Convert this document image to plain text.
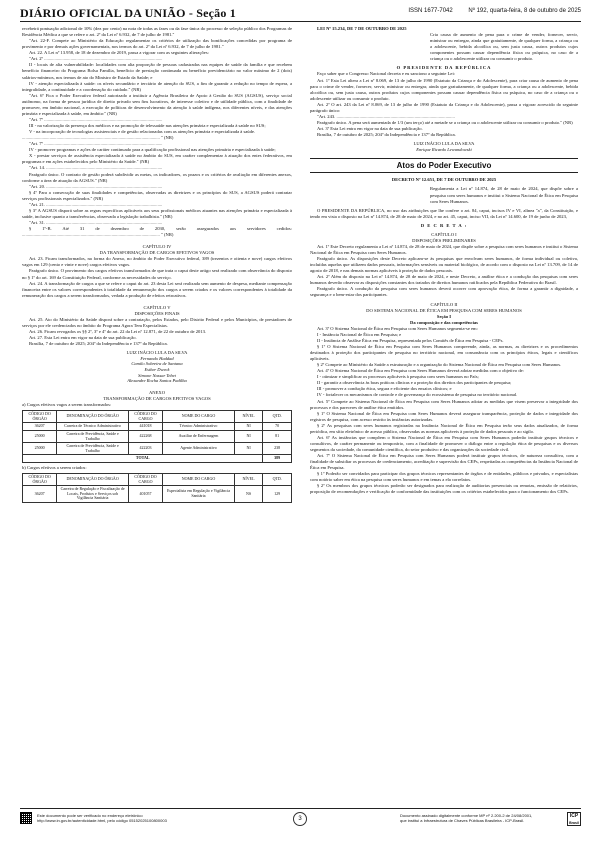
DIÁRIO OFICIAL DA UNIÃO - Seção 1	ISSN 1677-7042	Nº 192, quarta-feira, 8 de outubro de 2025

recebeirá pontuação adicional de 10% (dez por cento) na nota de todas as fases ou da fase única do processo de seleção público dos Programas de Residência Médica a que se refere o art. 2º da Lei nº 6.932, de 7 de julho de 1981."

"Art. 22-F. Compete ao Ministério da Educação regulamentar os critérios de utilização das bonificações concedidas por programa de provimento e por demais ações governamentais, nos termos do art. 2º da Lei nº 6.932, de 7 de julho de 1981."

Art. 22. A Lei nº 13.958, de 18 de dezembro de 2019, passa a vigorar com as seguintes alterações:

"Art. 2º .......................................................................................................

II - locais de alta vulnerabilidade: localidades com alta proporção de pessoas cadastradas nas equipes de saúde da família e que recebem benefício financeiro do Programa Bolsa Família, benefício de prestação continuada ou benefício previdenciário no valor máximo de 2 (dois) salários-mínimos, nos termos de ato do Ministro de Estado da Saúde; e

IV - atenção especializada à saúde: os níveis secundário e terciário de atenção do SUS, a fim de garantir a redução no tempo de espera, a integralidade, a continuidade e a coordenação do cuidado." (NR)

"Art. 6º Fica o Poder Executivo federal autorizado a instituir a Agência Brasileira de Apoio à Gestão do SUS (AGSUS), serviço social autônomo, na forma de pessoa jurídica de direito privado sem fins lucrativos, de interesse coletivo e de utilidade pública, com a finalidade de promover, em âmbito nacional, a execução de políticas de desenvolvimento da atenção à saúde indígena, nos diferentes níveis, e das atenções primária e especializada à saúde, em âmbito:" (NR)

"Art. 7º .......................................................................................................

III - na valorização da presença dos médicos e na promoção de telessaúde nas atenções primária e especializada à saúde no SUS;

V - na incorporação de tecnologias assistenciais e de gestão relacionadas com as atenções primária e especializada à saúde.

........................................................................................................................ " (NR)

"Art. 7º .......................................................................................................

IV - promover programas e ações de caráter continuado para a qualificação profissional nas atenções primária e especializada à saúde;

X - prestar serviços de assistência especializada à saúde no âmbito do SUS, em caráter complementar à atuação dos entes federativos, em programas e em ações estabelecidos pelo Ministério da Saúde." (NR)

"Art. 14. .....................................................................................................

Parágrafo único. O contrato de gestão poderá subdividir as metas, os indicadores, os prazos e os critérios de avaliação em diferentes anexos, conforme a área de atuação da AGSUS." (NR)

"Art. 20. .....................................................................................................

§ 4º Para a consecução de suas finalidades e competências, observadas as diretrizes e os princípios do SUS, a AGSUS poderá contratar serviços profissionais especializados." (NR)

"Art. 21. .....................................................................................................

§ 3º A AGSUS disporá sobre as regras específicas aplicáveis aos seus profissionais médicos atuantes nas atenções primária e especializada à saúde, inclusive quanto a transferências, observada a legislação trabalhista." (NR)

"Art. 31. .....................................................................................................

§ 1º-B. Até 31 de dezembro de 2030, serão assegurados aos servidores cedidos: ........................................................................................................................ " (NR)

CAPÍTULO IV

DA TRANSFORMAÇÃO DE CARGOS EFETIVOS VAGOS

Art. 23. Ficam transformados, na forma do Anexo, no âmbito do Poder Executivo federal, 389 (trezentos e oitenta e nove) cargos efetivos vagos em 129 (cento e vinte e nove) cargos efetivos vagos.

Parágrafo único. O provimento dos cargos efetivos transformados de que trata o caput deste artigo será realizado com observância do disposto no § 1º do art. 169 da Constituição Federal, conforme as necessidades do serviço.

Art. 24. A transformação de cargos a que se refere o caput do art. 23 desta Lei será realizada sem aumento de despesa, mediante compensação financeira entre os valores correspondentes à totalidade da remuneração dos cargos a serem criados e os valores correspondentes à totalidade da remuneração dos cargos a serem transformados, vedada a produção de efeitos retroativos.

CAPÍTULO V

DISPOSIÇÕES FINAIS

Art. 25. Ato do Ministério da Saúde disporá sobre a contratação, pelos Estados, pelo Distrito Federal e pelos Municípios, de prestadores de serviços por ele credenciados no âmbito do Programa Agora Tem Especialistas.

Art. 26. Ficam revogados os §§ 2º, 3º e 4º do art. 22 da Lei nº 12.871, de 22 de outubro de 2013.

Art. 27. Esta Lei entra em vigor na data de sua publicação.

Brasília, 7 de outubro de 2025; 204º da Independência e 137º da República.

LUIZ INÁCIO LULA DA SILVA

Fernando Haddad

Camilo Sobreira de Santana

Esther Dweck

Simone Nassar Tebet

Alexandre Rocha Santos Padilha

ANEXO

TRANSFORMAÇÃO DE CARGOS EFETIVOS VAGOS

a) Cargos efetivos vagos a serem transformados:

CÓDIGO DO ÓRGÃO	DENOMINAÇÃO DO ÓRGÃO	CÓDIGO DO CARGO	NOME DO CARGO	NÍVEL	QTD.
36207	Carreira de Técnico Administrativo	441018	Técnico Administrativo	NI	70
25000	Carreira de Previdência, Saúde e Trabalho	422268	Auxiliar de Enfermagem	NI	81
25000	Carreira de Previdência, Saúde e Trabalho	422203	Agente Administrativo	NI	238
TOTAL					389

b) Cargos efetivos a serem criados:

CÓDIGO DO ÓRGÃO	DENOMINAÇÃO DO ÓRGÃO	CÓDIGO DO CARGO	NOME DO CARGO	NÍVEL	QTD.
36207	Carreira de Regulação e Fiscalização de Locais, Produtos e Serviços sob Vigilância Sanitária	401057	Especialista em Regulação e Vigilância Sanitária	NS	129

LEI Nº 15.234, DE 7 DE OUTUBRO DE 2025

Cria causa de aumento de pena para o crime de vender, fornecer, servir, ministrar ou entregar, ainda que gratuitamente, de qualquer forma, a criança ou a adolescente, bebida alcoólica ou, sem justa causa, outros produtos cujos componentes possam causar dependência física ou psíquica, no caso de a criança ou o adolescente utilizar ou consumir o produto.

O PRESIDENTE DA REPÚBLICA

Faço saber que o Congresso Nacional decreta e eu sanciono a seguinte Lei:

Art. 1º Esta Lei altera a Lei nº 8.069, de 13 de julho de 1990 (Estatuto da Criança e do Adolescente), para criar causa de aumento de pena para o crime de vender, fornecer, servir, ministrar ou entregar, ainda que gratuitamente, de qualquer forma, a criança ou a adolescente, bebida alcoólica ou, sem justa causa, outros produtos cujos componentes possam causar dependência física ou psíquica, no caso de a criança ou o adolescente utilizar ou consumir o produto.

Art. 2º O art. 243 da Lei nº 8.069, de 13 de julho de 1990 (Estatuto da Criança e do Adolescente), passa a vigorar acrescido do seguinte parágrafo único:

"Art. 243. .......................................................................................................

Parágrafo único. A pena será aumentada de 1/3 (um terço) até a metade se a criança ou o adolescente utilizar ou consumir o produto." (NR)

Art. 3º Esta Lei entra em vigor na data de sua publicação.

Brasília, 7 de outubro de 2025; 204º da Independência e 137º da República.

LUIZ INÁCIO LULA DA SILVA

Enrique Ricardo Lewandowski

Atos do Poder Executivo

DECRETO Nº 12.651, DE 7 DE OUTUBRO DE 2025

Regulamenta a Lei nº 14.874, de 28 de maio de 2024, que dispõe sobre a pesquisa com seres humanos e institui o Sistema Nacional de Ética em Pesquisa com Seres Humanos.

O PRESIDENTE DA REPÚBLICA, no uso das atribuições que lhe confere o art. 84, caput, incisos IV e VI, alínea "a", da Constituição, e tendo em vista o disposto na Lei nº 14.874, de 28 de maio de 2024, e no art. 45, caput, inciso VII, da Lei nº 14.600, de 19 de junho de 2023,

D E C R E T A :

CAPÍTULO I

DISPOSIÇÕES PRELIMINARES

Art. 1º Este Decreto regulamenta a Lei nº 14.874, de 28 de maio de 2024, que dispõe sobre a pesquisa com seres humanos e institui o Sistema Nacional de Ética em Pesquisa com Seres Humanos.

Parágrafo único. As disposições deste Decreto aplicam-se às pesquisas que envolvam seres humanos, de forma individual ou coletiva, incluídas aquelas que utilizem dados pessoais, informações sensíveis ou material biológico, de acordo com o disposto na Lei nº 13.709, de 14 de agosto de 2018, e nas demais normas aplicáveis à proteção de dados pessoais.

Art. 2º Além do disposto na Lei nº 14.874, de 28 de maio de 2024, e neste Decreto, a análise ética e a condução das pesquisas com seres humanos deverão observar as disposições constantes dos tratados de direitos humanos ratificados pela República Federativa do Brasil.

Parágrafo único. A condução da pesquisa com seres humanos deverá ocorrer com aprovação ética, de forma a garantir a dignidade, a segurança e o bem-estar dos participantes.

CAPÍTULO II

DO SISTEMA NACIONAL DE ÉTICA EM PESQUISA COM SERES HUMANOS

Seção I

Da composição e das competências

Art. 3º O Sistema Nacional de Ética em Pesquisa com Seres Humanos segmenta-se em:

I - Instância Nacional de Ética em Pesquisa; e

II - Instância de Análise Ética em Pesquisa, representada pelos Comitês de Ética em Pesquisa - CEPs.

§ 1º O Sistema Nacional de Ética em Pesquisa com Seres Humanos compreende, ainda, as normas, as diretrizes e os procedimentos destinados à proteção dos participantes de pesquisa no território nacional, em consonância com os princípios éticos, legais e científicos aplicáveis.

§ 2º Compete ao Ministério da Saúde a estruturação e a organização do Sistema Nacional de Ética em Pesquisa com Seres Humanos.

Art. 4º O Sistema Nacional de Ética em Pesquisa com Seres Humanos deverá adotar medidas com o objetivo de:

I - otimizar e simplificar os processos aplicáveis à pesquisa com seres humanos no País;

II - garantir a observância às boas práticas clínicas e a proteção dos direitos dos participantes de pesquisa;

III - promover a condução ética, segura e eficiente dos ensaios clínicos; e

IV - fortalecer os mecanismos de controle e de governança do ecossistema de pesquisa no território nacional.

Art. 5º Compete ao Sistema Nacional de Ética em Pesquisa com Seres Humanos adotar as medidas que visem preservar a integridade dos processos e dos pareceres de análise ética emitidos.

§ 1º O Sistema Nacional de Ética em Pesquisa com Seres Humanos deverá assegurar transparência, proteção de dados e integridade dos registros de pesquisa, com acesso restrito às instâncias autorizadas.

§ 2º As pesquisas com seres humanos registradas na Instância Nacional de Ética em Pesquisa terão seus dados atualizados, de forma periódica, em sítio eletrônico de acesso público, observadas as normas aplicáveis à proteção de dados pessoais e ao sigilo.

Art. 6º As instâncias que compõem o Sistema Nacional de Ética em Pesquisa com Seres Humanos poderão instituir grupos técnicos e consultivos, de caráter permanente ou temporário, com a finalidade de promover o diálogo entre a regulação ética de pesquisas e os diversos segmentos da sociedade, da comunidade científica, do setor produtivo e das organizações da sociedade civil.

Art. 7º O Sistema Nacional de Ética em Pesquisa com Seres Humanos poderá instituir grupos técnicos, de natureza consultiva, com a finalidade de subsidiar os processos de credenciamento, acreditação e supervisão dos CEPs, respeitadas as competências da Instância Nacional de Ética em Pesquisa.

§ 1º Poderão ser convidados para participar dos grupos técnicos representantes de órgãos e de entidades, públicos e privados, e especialistas com notório saber em ética na pesquisa com seres humanos e em temas a ela correlatos.

§ 2º Os membros dos grupos técnicos poderão ser designados para realização de auditorias presenciais ou remotas, emissão de relatórios, proposição de recomendações e verificação de conformidade das instituições com os critérios estabelecidos para o funcionamento dos CEPs.

Este documento pode ser verificado no endereço eletrônico
http://www.in.gov.br/autenticidade.html, pelo código 05152025100800003	3
Documento assinado digitalmente conforme MP nº 2.200-2 de 24/08/2001,
que institui a Infraestrutura de Chaves Públicas Brasileira - ICP-Brasil.
ICP
Brasil
